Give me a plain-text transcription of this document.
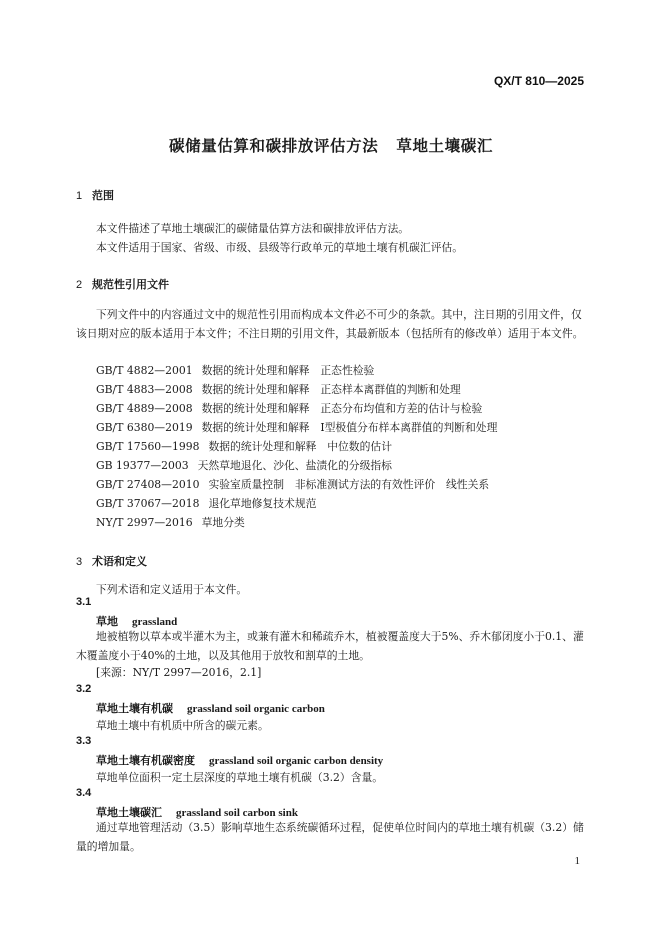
QX/T 810—2025
碳储量估算和碳排放评估方法 草地土壤碳汇
1 范围
本文件描述了草地土壤碳汇的碳储量估算方法和碳排放评估方法。
本文件适用于国家、省级、市级、县级等行政单元的草地土壤有机碳汇评估。
2 规范性引用文件
下列文件中的内容通过文中的规范性引用而构成本文件必不可少的条款。其中，注日期的引用文件，仅该日期对应的版本适用于本文件；不注日期的引用文件，其最新版本（包括所有的修改单）适用于本文件。
GB/T 4882—2001 数据的统计处理和解释　正态性检验
GB/T 4883—2008 数据的统计处理和解释　正态样本离群值的判断和处理
GB/T 4889—2008 数据的统计处理和解释　正态分布均值和方差的估计与检验
GB/T 6380—2019 数据的统计处理和解释　Ⅰ型极值分布样本离群值的判断和处理
GB/T 17560—1998 数据的统计处理和解释　中位数的估计
GB 19377—2003 天然草地退化、沙化、盐渍化的分级指标
GB/T 27408—2010 实验室质量控制　非标准测试方法的有效性评价　线性关系
GB/T 37067—2018 退化草地修复技术规范
NY/T 2997—2016 草地分类
3 术语和定义
下列术语和定义适用于本文件。
3.1
草地 grassland
地被植物以草本或半灌木为主，或兼有灌木和稀疏乔木，植被覆盖度大于5%、乔木郁闭度小于0.1、灌木覆盖度小于40%的土地，以及其他用于放牧和割草的土地。
[来源：NY/T 2997—2016，2.1]
3.2
草地土壤有机碳 grassland soil organic carbon
草地土壤中有机质中所含的碳元素。
3.3
草地土壤有机碳密度 grassland soil organic carbon density
草地单位面积一定土层深度的草地土壤有机碳（3.2）含量。
3.4
草地土壤碳汇 grassland soil carbon sink
通过草地管理活动（3.5）影响草地生态系统碳循环过程，促使单位时间内的草地土壤有机碳（3.2）储量的增加量。
1
